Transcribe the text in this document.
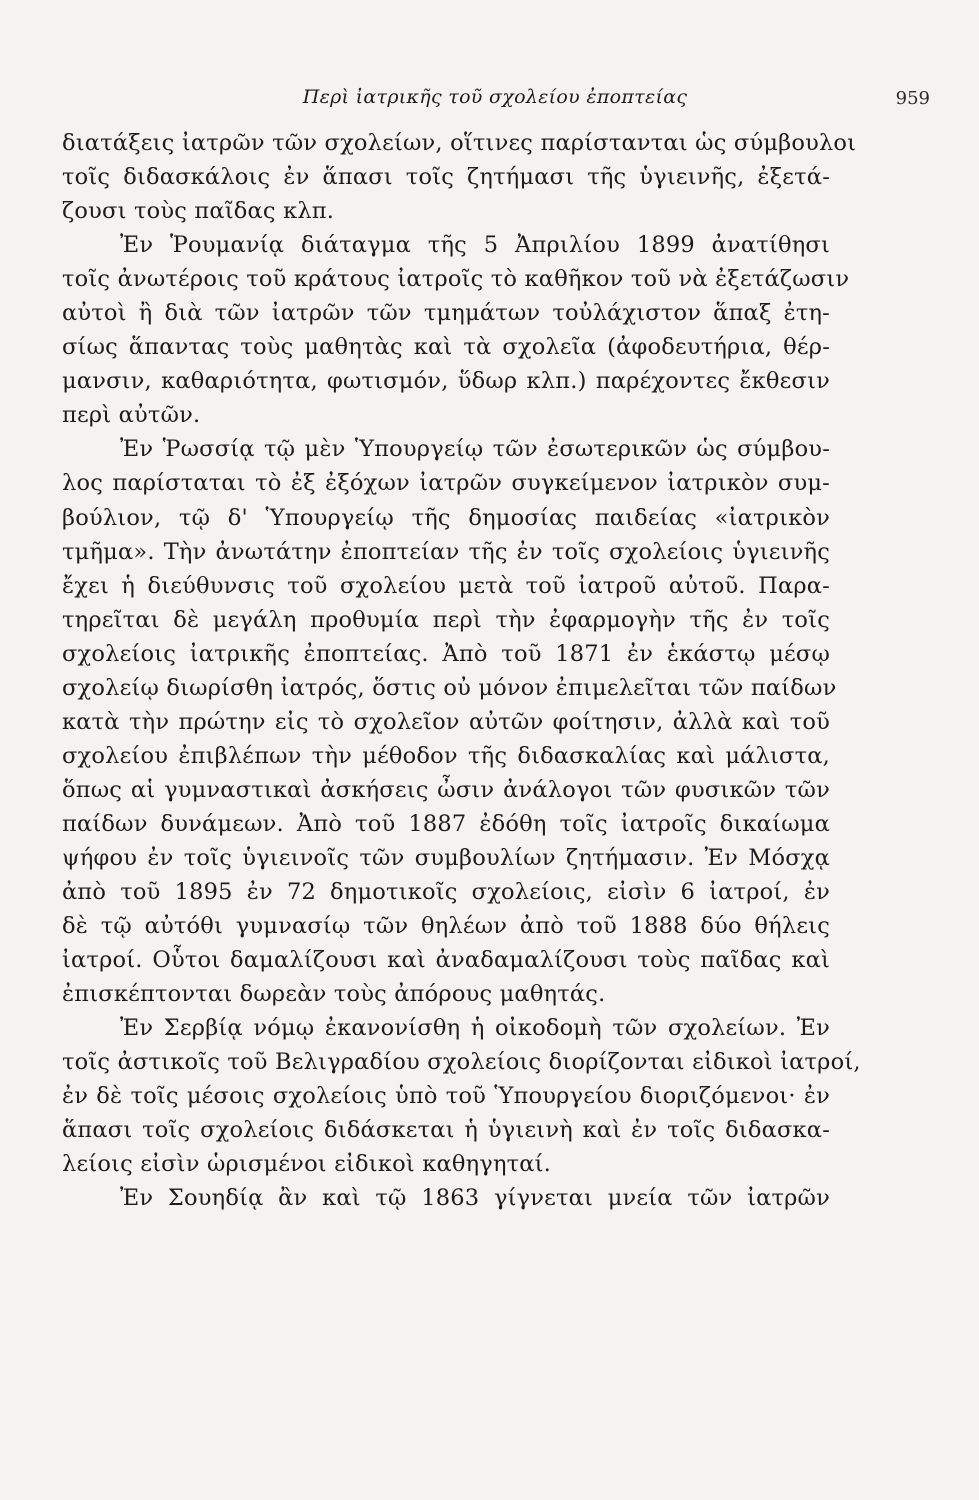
Περὶ ἰατρικῆς τοῦ σχολείου ἐποπτείας	959
διατάξεις ἰατρῶν τῶν σχολείων, οἵτινες παρίστανται ὡς σύμβουλοι
τοῖς διδασκάλοις ἐν ἅπασι τοῖς ζητήμασι τῆς ὑγιεινῆς, ἐξετά-
ζουσι τοὺς παῖδας κλπ.
Ἐν Ῥουμανίᾳ διάταγμα τῆς 5 Ἀπριλίου 1899 ἀνατίθησι
τοῖς ἀνωτέροις τοῦ κράτους ἰατροῖς τὸ καθῆκον τοῦ νὰ ἐξετάζωσιν
αὐτοὶ ἢ διὰ τῶν ἰατρῶν τῶν τμημάτων τοὐλάχιστον ἅπαξ ἐτη-
σίως ἅπαντας τοὺς μαθητὰς καὶ τὰ σχολεῖα (ἀφοδευτήρια, θέρ-
μανσιν, καθαριότητα, φωτισμόν, ὕδωρ κλπ.) παρέχοντες ἔκθεσιν
περὶ αὐτῶν.
Ἐν Ῥωσσίᾳ τῷ μὲν Ὑπουργείῳ τῶν ἐσωτερικῶν ὡς σύμβου-
λος παρίσταται τὸ ἐξ ἐξόχων ἰατρῶν συγκείμενον ἰατρικὸν συμ-
βούλιον, τῷ δ' Ὑπουργείῳ τῆς δημοσίας παιδείας «ἰατρικὸν
τμῆμα». Τὴν ἀνωτάτην ἐποπτείαν τῆς ἐν τοῖς σχολείοις ὑγιεινῆς
ἔχει ἡ διεύθυνσις τοῦ σχολείου μετὰ τοῦ ἰατροῦ αὐτοῦ. Παρα-
τηρεῖται δὲ μεγάλη προθυμία περὶ τὴν ἐφαρμογὴν τῆς ἐν τοῖς
σχολείοις ἰατρικῆς ἐποπτείας. Ἀπὸ τοῦ 1871 ἐν ἑκάστῳ μέσῳ
σχολείῳ διωρίσθη ἰατρός, ὅστις οὐ μόνον ἐπιμελεῖται τῶν παίδων
κατὰ τὴν πρώτην εἰς τὸ σχολεῖον αὐτῶν φοίτησιν, ἀλλὰ καὶ τοῦ
σχολείου ἐπιβλέπων τὴν μέθοδον τῆς διδασκαλίας καὶ μάλιστα,
ὅπως αἱ γυμναστικαὶ ἀσκήσεις ὦσιν ἀνάλογοι τῶν φυσικῶν τῶν
παίδων δυνάμεων. Ἀπὸ τοῦ 1887 ἐδόθη τοῖς ἰατροῖς δικαίωμα
ψήφου ἐν τοῖς ὑγιεινοῖς τῶν συμβουλίων ζητήμασιν. Ἐν Μόσχᾳ
ἀπὸ τοῦ 1895 ἐν 72 δημοτικοῖς σχολείοις, εἰσὶν 6 ἰατροί, ἐν
δὲ τῷ αὐτόθι γυμνασίῳ τῶν θηλέων ἀπὸ τοῦ 1888 δύο θήλεις
ἰατροί. Οὗτοι δαμαλίζουσι καὶ ἀναδαμαλίζουσι τοὺς παῖδας καὶ
ἐπισκέπτονται δωρεὰν τοὺς ἀπόρους μαθητάς.
Ἐν Σερβίᾳ νόμῳ ἐκανονίσθη ἡ οἰκοδομὴ τῶν σχολείων. Ἐν
τοῖς ἀστικοῖς τοῦ Βελιγραδίου σχολείοις διορίζονται εἰδικοὶ ἰατροί,
ἐν δὲ τοῖς μέσοις σχολείοις ὑπὸ τοῦ Ὑπουργείου διοριζόμενοι· ἐν
ἅπασι τοῖς σχολείοις διδάσκεται ἡ ὑγιεινὴ καὶ ἐν τοῖς διδασκα-
λείοις εἰσὶν ὡρισμένοι εἰδικοὶ καθηγηταί.
Ἐν Σουηδίᾳ ἂν καὶ τῷ 1863 γίγνεται μνεία τῶν ἰατρῶν
